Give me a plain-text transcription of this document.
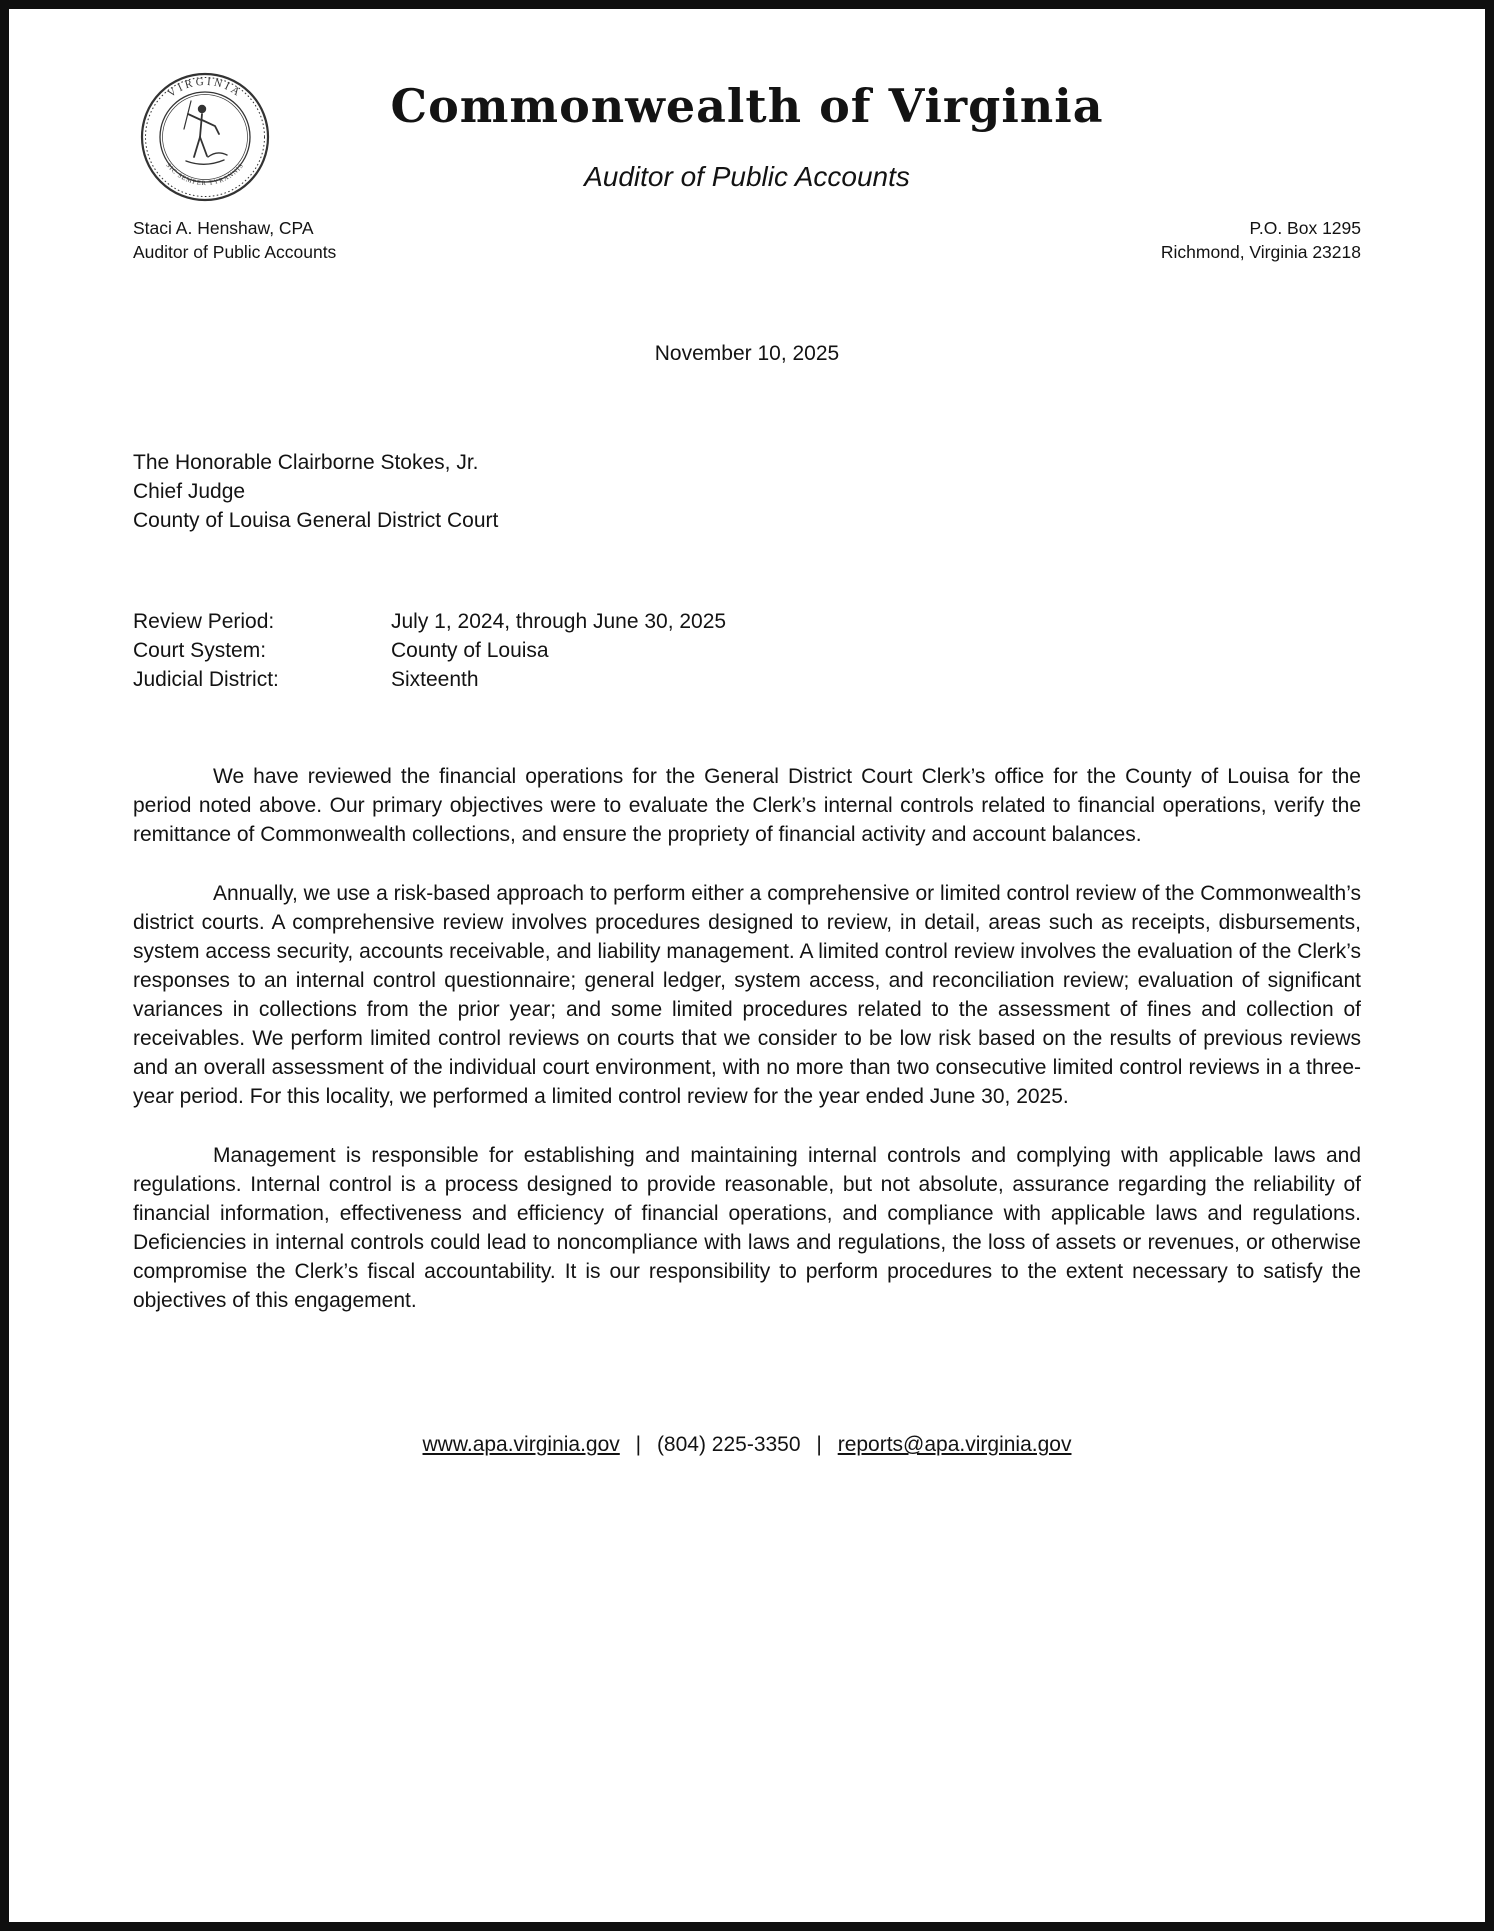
VIRGINIA
SIC SEMPER TYRANNIS
Commonwealth of Virginia
Auditor of Public Accounts
Staci A. Henshaw, CPA
Auditor of Public Accounts
P.O. Box 1295
Richmond, Virginia 23218
November 10, 2025
The Honorable Clairborne Stokes, Jr.
Chief Judge
County of Louisa General District Court
Review Period:	July 1, 2024, through June 30, 2025
Court System:	County of Louisa
Judicial District:	Sixteenth

We have reviewed the financial operations for the General District Court Clerk’s office for the County of Louisa for the period noted above. Our primary objectives were to evaluate the Clerk’s internal controls related to financial operations, verify the remittance of Commonwealth collections, and ensure the propriety of financial activity and account balances.

Annually, we use a risk-based approach to perform either a comprehensive or limited control review of the Commonwealth’s district courts. A comprehensive review involves procedures designed to review, in detail, areas such as receipts, disbursements, system access security, accounts receivable, and liability management. A limited control review involves the evaluation of the Clerk’s responses to an internal control questionnaire; general ledger, system access, and reconciliation review; evaluation of significant variances in collections from the prior year; and some limited procedures related to the assessment of fines and collection of receivables. We perform limited control reviews on courts that we consider to be low risk based on the results of previous reviews and an overall assessment of the individual court environment, with no more than two consecutive limited control reviews in a three-year period. For this locality, we performed a limited control review for the year ended June 30, 2025.

Management is responsible for establishing and maintaining internal controls and complying with applicable laws and regulations. Internal control is a process designed to provide reasonable, but not absolute, assurance regarding the reliability of financial information, effectiveness and efficiency of financial operations, and compliance with applicable laws and regulations. Deficiencies in internal controls could lead to noncompliance with laws and regulations, the loss of assets or revenues, or otherwise compromise the Clerk’s fiscal accountability. It is our responsibility to perform procedures to the extent necessary to satisfy the objectives of this engagement.

www.apa.virginia.gov | (804) 225-3350 | reports@apa.virginia.gov
